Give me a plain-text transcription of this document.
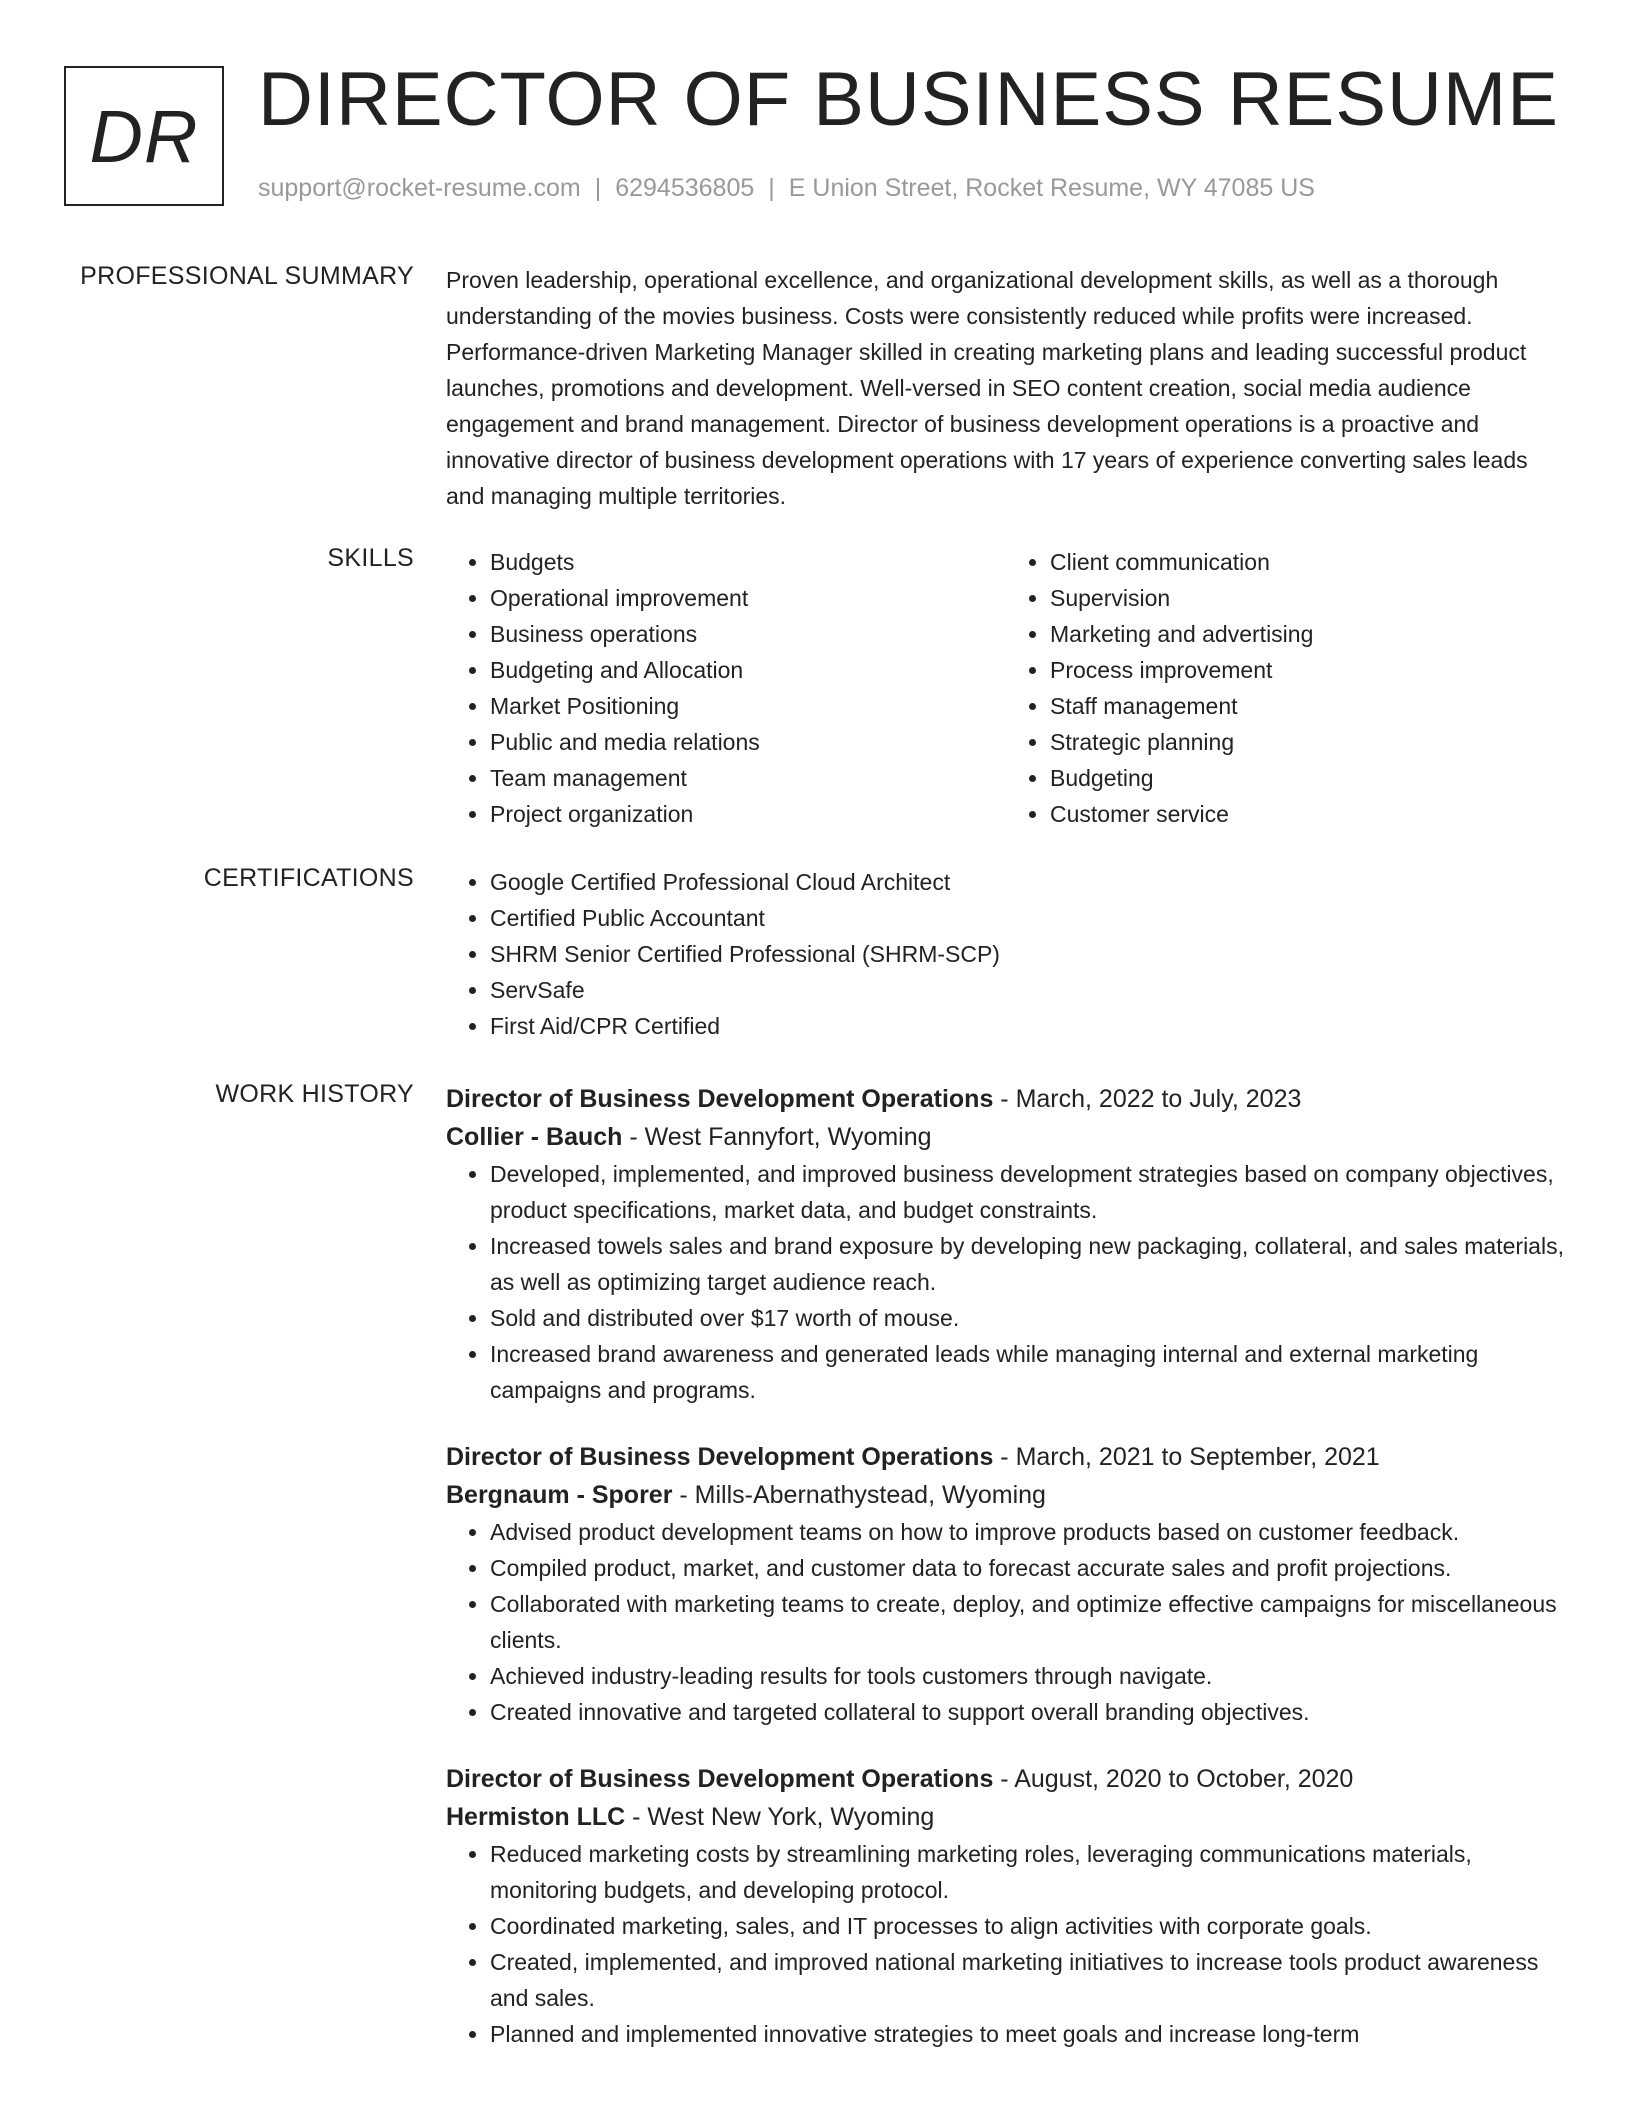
DR DIRECTOR OF BUSINESS RESUME
support@rocket-resume.com | 6294536805 | E Union Street, Rocket Resume, WY 47085 US
PROFESSIONAL SUMMARY Proven leadership, operational excellence, and organizational development skills, as well as a thorough understanding of the movies business. Costs were consistently reduced while profits were increased. Performance-driven Marketing Manager skilled in creating marketing plans and leading successful product launches, promotions and development. Well-versed in SEO content creation, social media audience engagement and brand management. Director of business development operations is a proactive and innovative director of business development operations with 17 years of experience converting sales leads and managing multiple territories.

SKILLS	• Budgets
• Operational improvement
• Business operations
• Budgeting and Allocation
• Market Positioning
• Public and media relations
• Team management
• Project organization
• Client communication
• Supervision
• Marketing and advertising
• Process improvement
• Staff management
• Strategic planning
• Budgeting
• Customer service
CERTIFICATIONS	• Google Certified Professional Cloud Architect
• Certified Public Accountant
• SHRM Senior Certified Professional (SHRM-SCP)
• ServSafe
• First Aid/CPR Certified
WORK HISTORY Director of Business Development Operations - March, 2022 to July, 2023
Collier - Bauch - West Fannyfort, Wyoming
• Developed, implemented, and improved business development strategies based on company objectives, product specifications, market data, and budget constraints.
• Increased towels sales and brand exposure by developing new packaging, collateral, and sales materials, as well as optimizing target audience reach.
• Sold and distributed over $17 worth of mouse.
• Increased brand awareness and generated leads while managing internal and external marketing campaigns and programs.
Director of Business Development Operations - March, 2021 to September, 2021
Bergnaum - Sporer - Mills-Abernathystead, Wyoming
• Advised product development teams on how to improve products based on customer feedback.
• Compiled product, market, and customer data to forecast accurate sales and profit projections.
• Collaborated with marketing teams to create, deploy, and optimize effective campaigns for miscellaneous clients.
• Achieved industry-leading results for tools customers through navigate.
• Created innovative and targeted collateral to support overall branding objectives.
Director of Business Development Operations - August, 2020 to October, 2020
Hermiston LLC - West New York, Wyoming
• Reduced marketing costs by streamlining marketing roles, leveraging communications materials, monitoring budgets, and developing protocol.
• Coordinated marketing, sales, and IT processes to align activities with corporate goals.
• Created, implemented, and improved national marketing initiatives to increase tools product awareness and sales.
• Planned and implemented innovative strategies to meet goals and increase long-term
